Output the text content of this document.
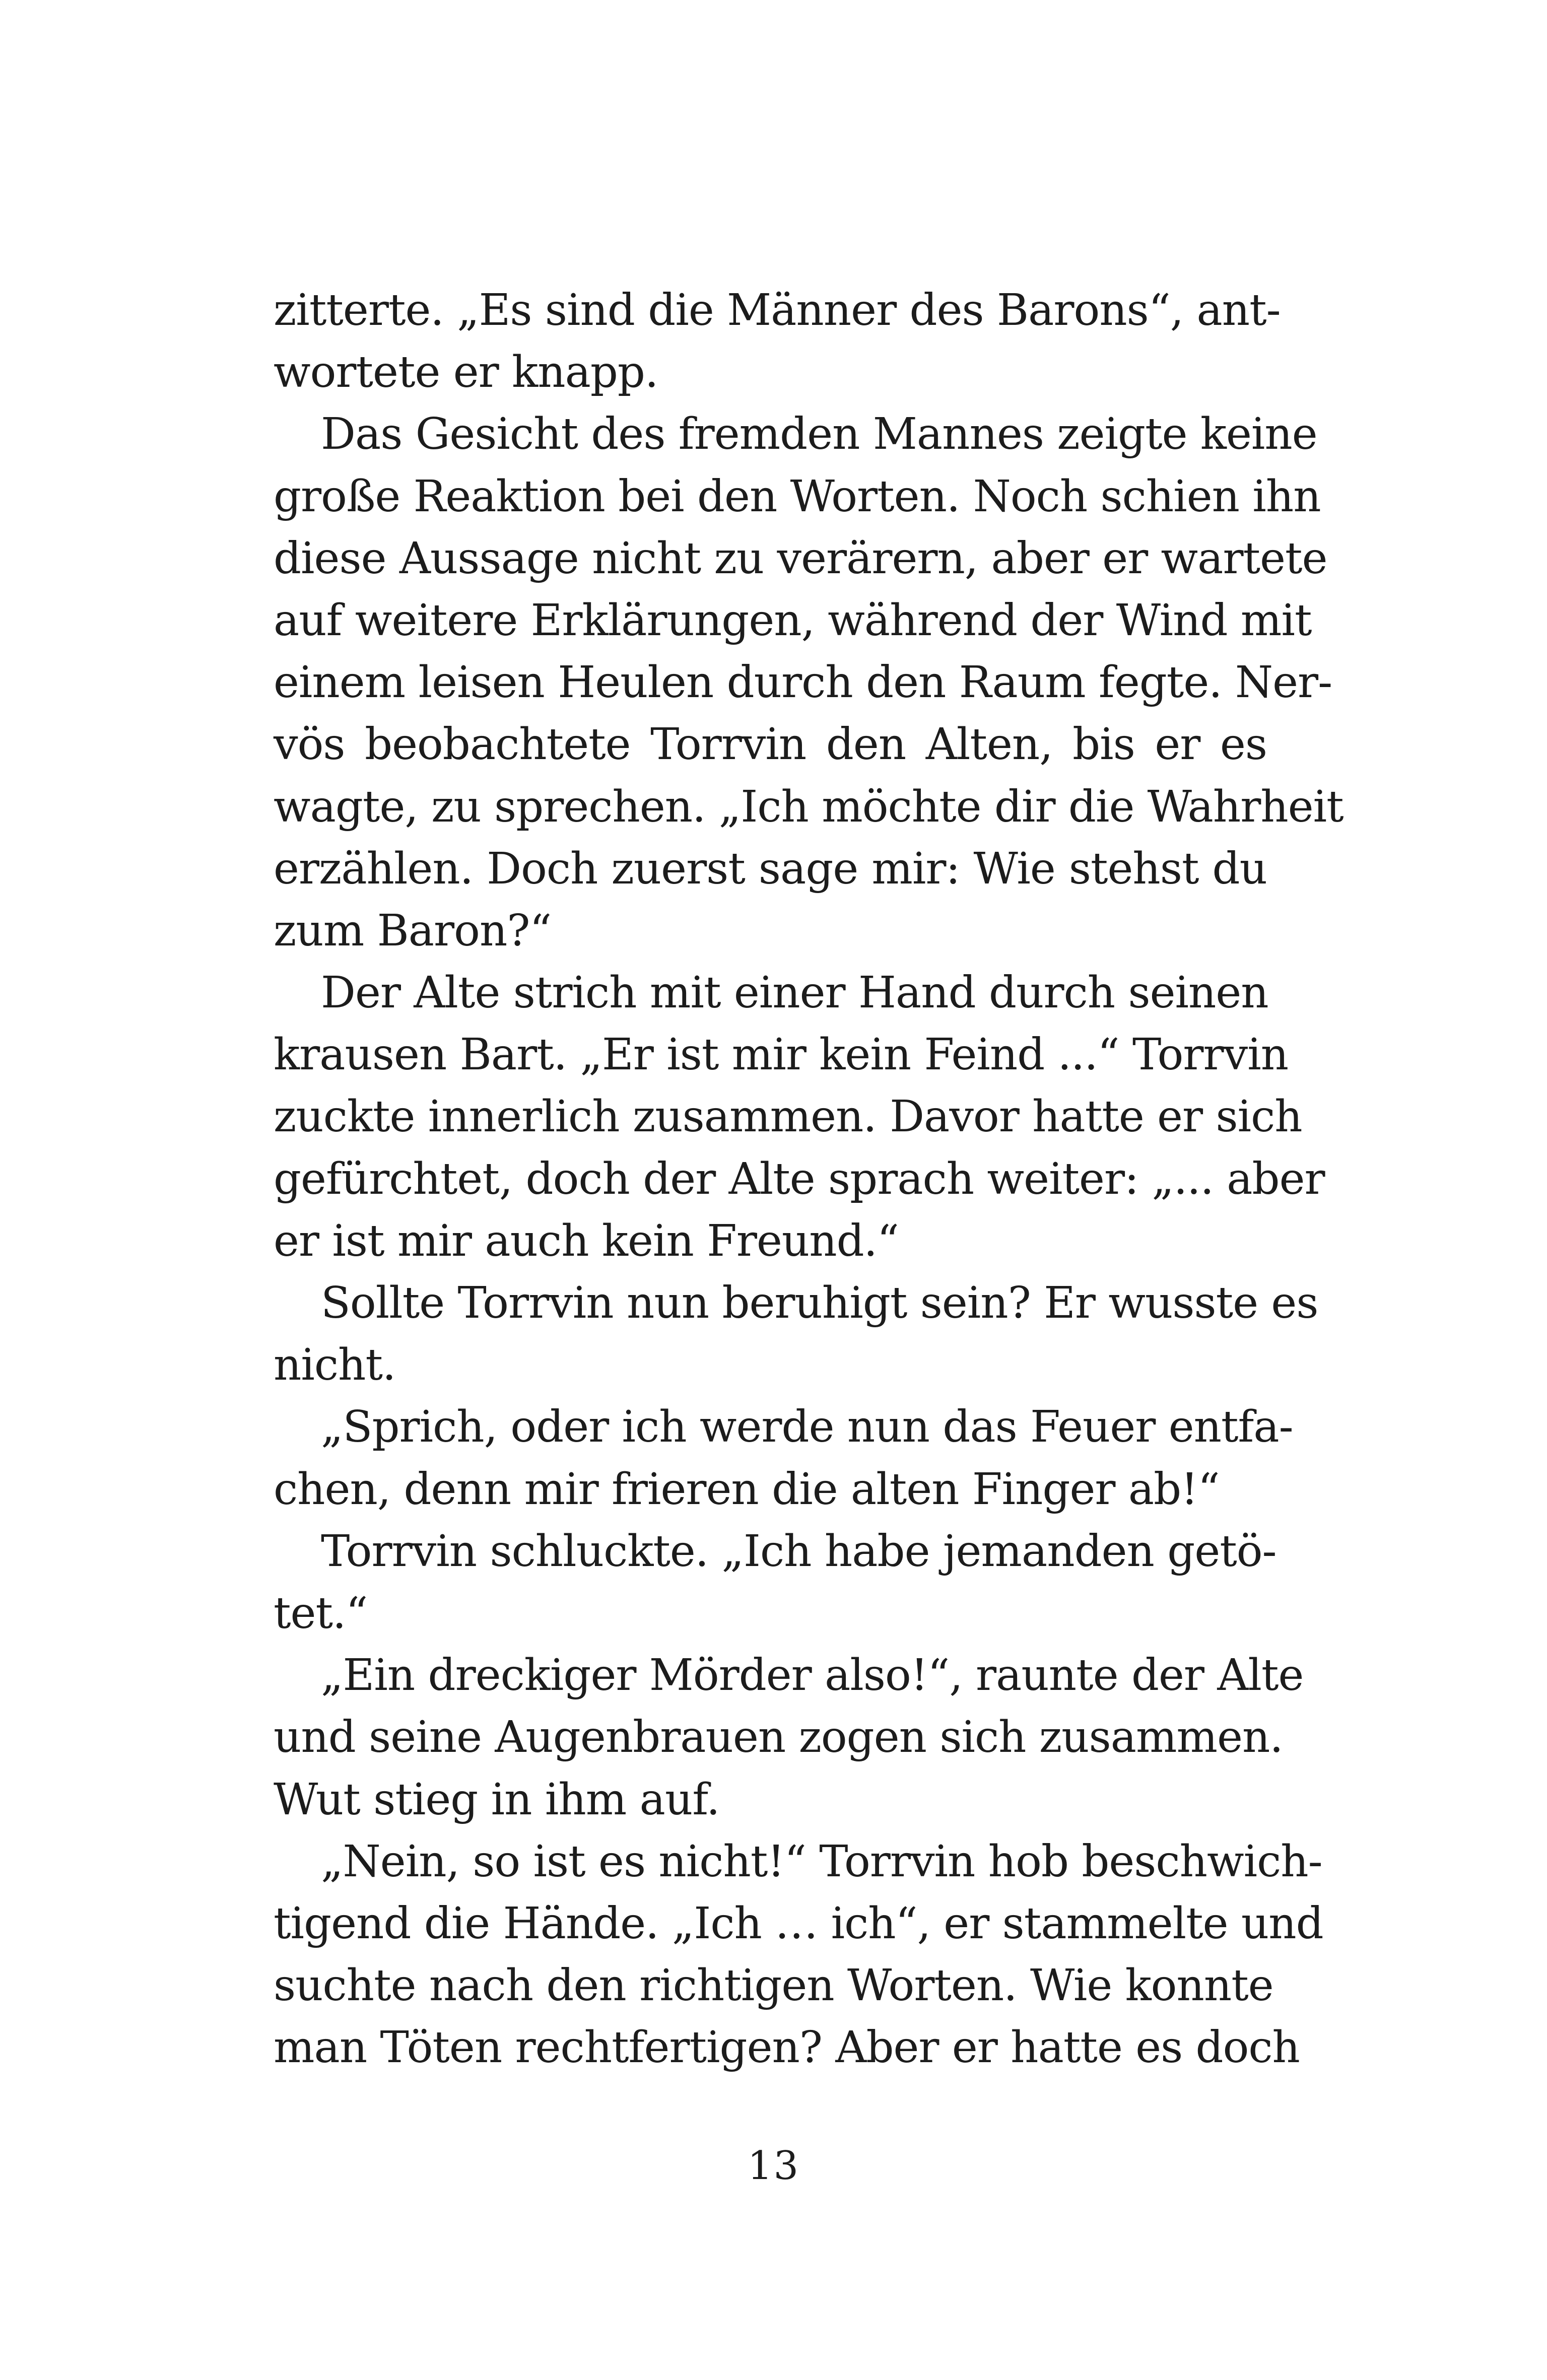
zitterte. „Es sind die Männer des Barons“, ant-
wortete er knapp.
Das Gesicht des fremden Mannes zeigte keine
große Reaktion bei den Worten. Noch schien ihn
diese Aussage nicht zu verärern, aber er wartete
auf weitere Erklärungen, während der Wind mit
einem leisen Heulen durch den Raum fegte. Ner-
vös beobachtete Torrvin den Alten, bis er es
wagte, zu sprechen. „Ich möchte dir die Wahrheit
erzählen. Doch zuerst sage mir: Wie stehst du
zum Baron?“
Der Alte strich mit einer Hand durch seinen
krausen Bart. „Er ist mir kein Feind ...“ Torrvin
zuckte innerlich zusammen. Davor hatte er sich
gefürchtet, doch der Alte sprach weiter: „... aber
er ist mir auch kein Freund.“
Sollte Torrvin nun beruhigt sein? Er wusste es
nicht.
„Sprich, oder ich werde nun das Feuer entfa-
chen, denn mir frieren die alten Finger ab!“
Torrvin schluckte. „Ich habe jemanden getö-
tet.“
„Ein dreckiger Mörder also!“, raunte der Alte
und seine Augenbrauen zogen sich zusammen.
Wut stieg in ihm auf.
„Nein, so ist es nicht!“ Torrvin hob beschwich-
tigend die Hände. „Ich … ich“, er stammelte und
suchte nach den richtigen Worten. Wie konnte
man Töten rechtfertigen? Aber er hatte es doch
13
